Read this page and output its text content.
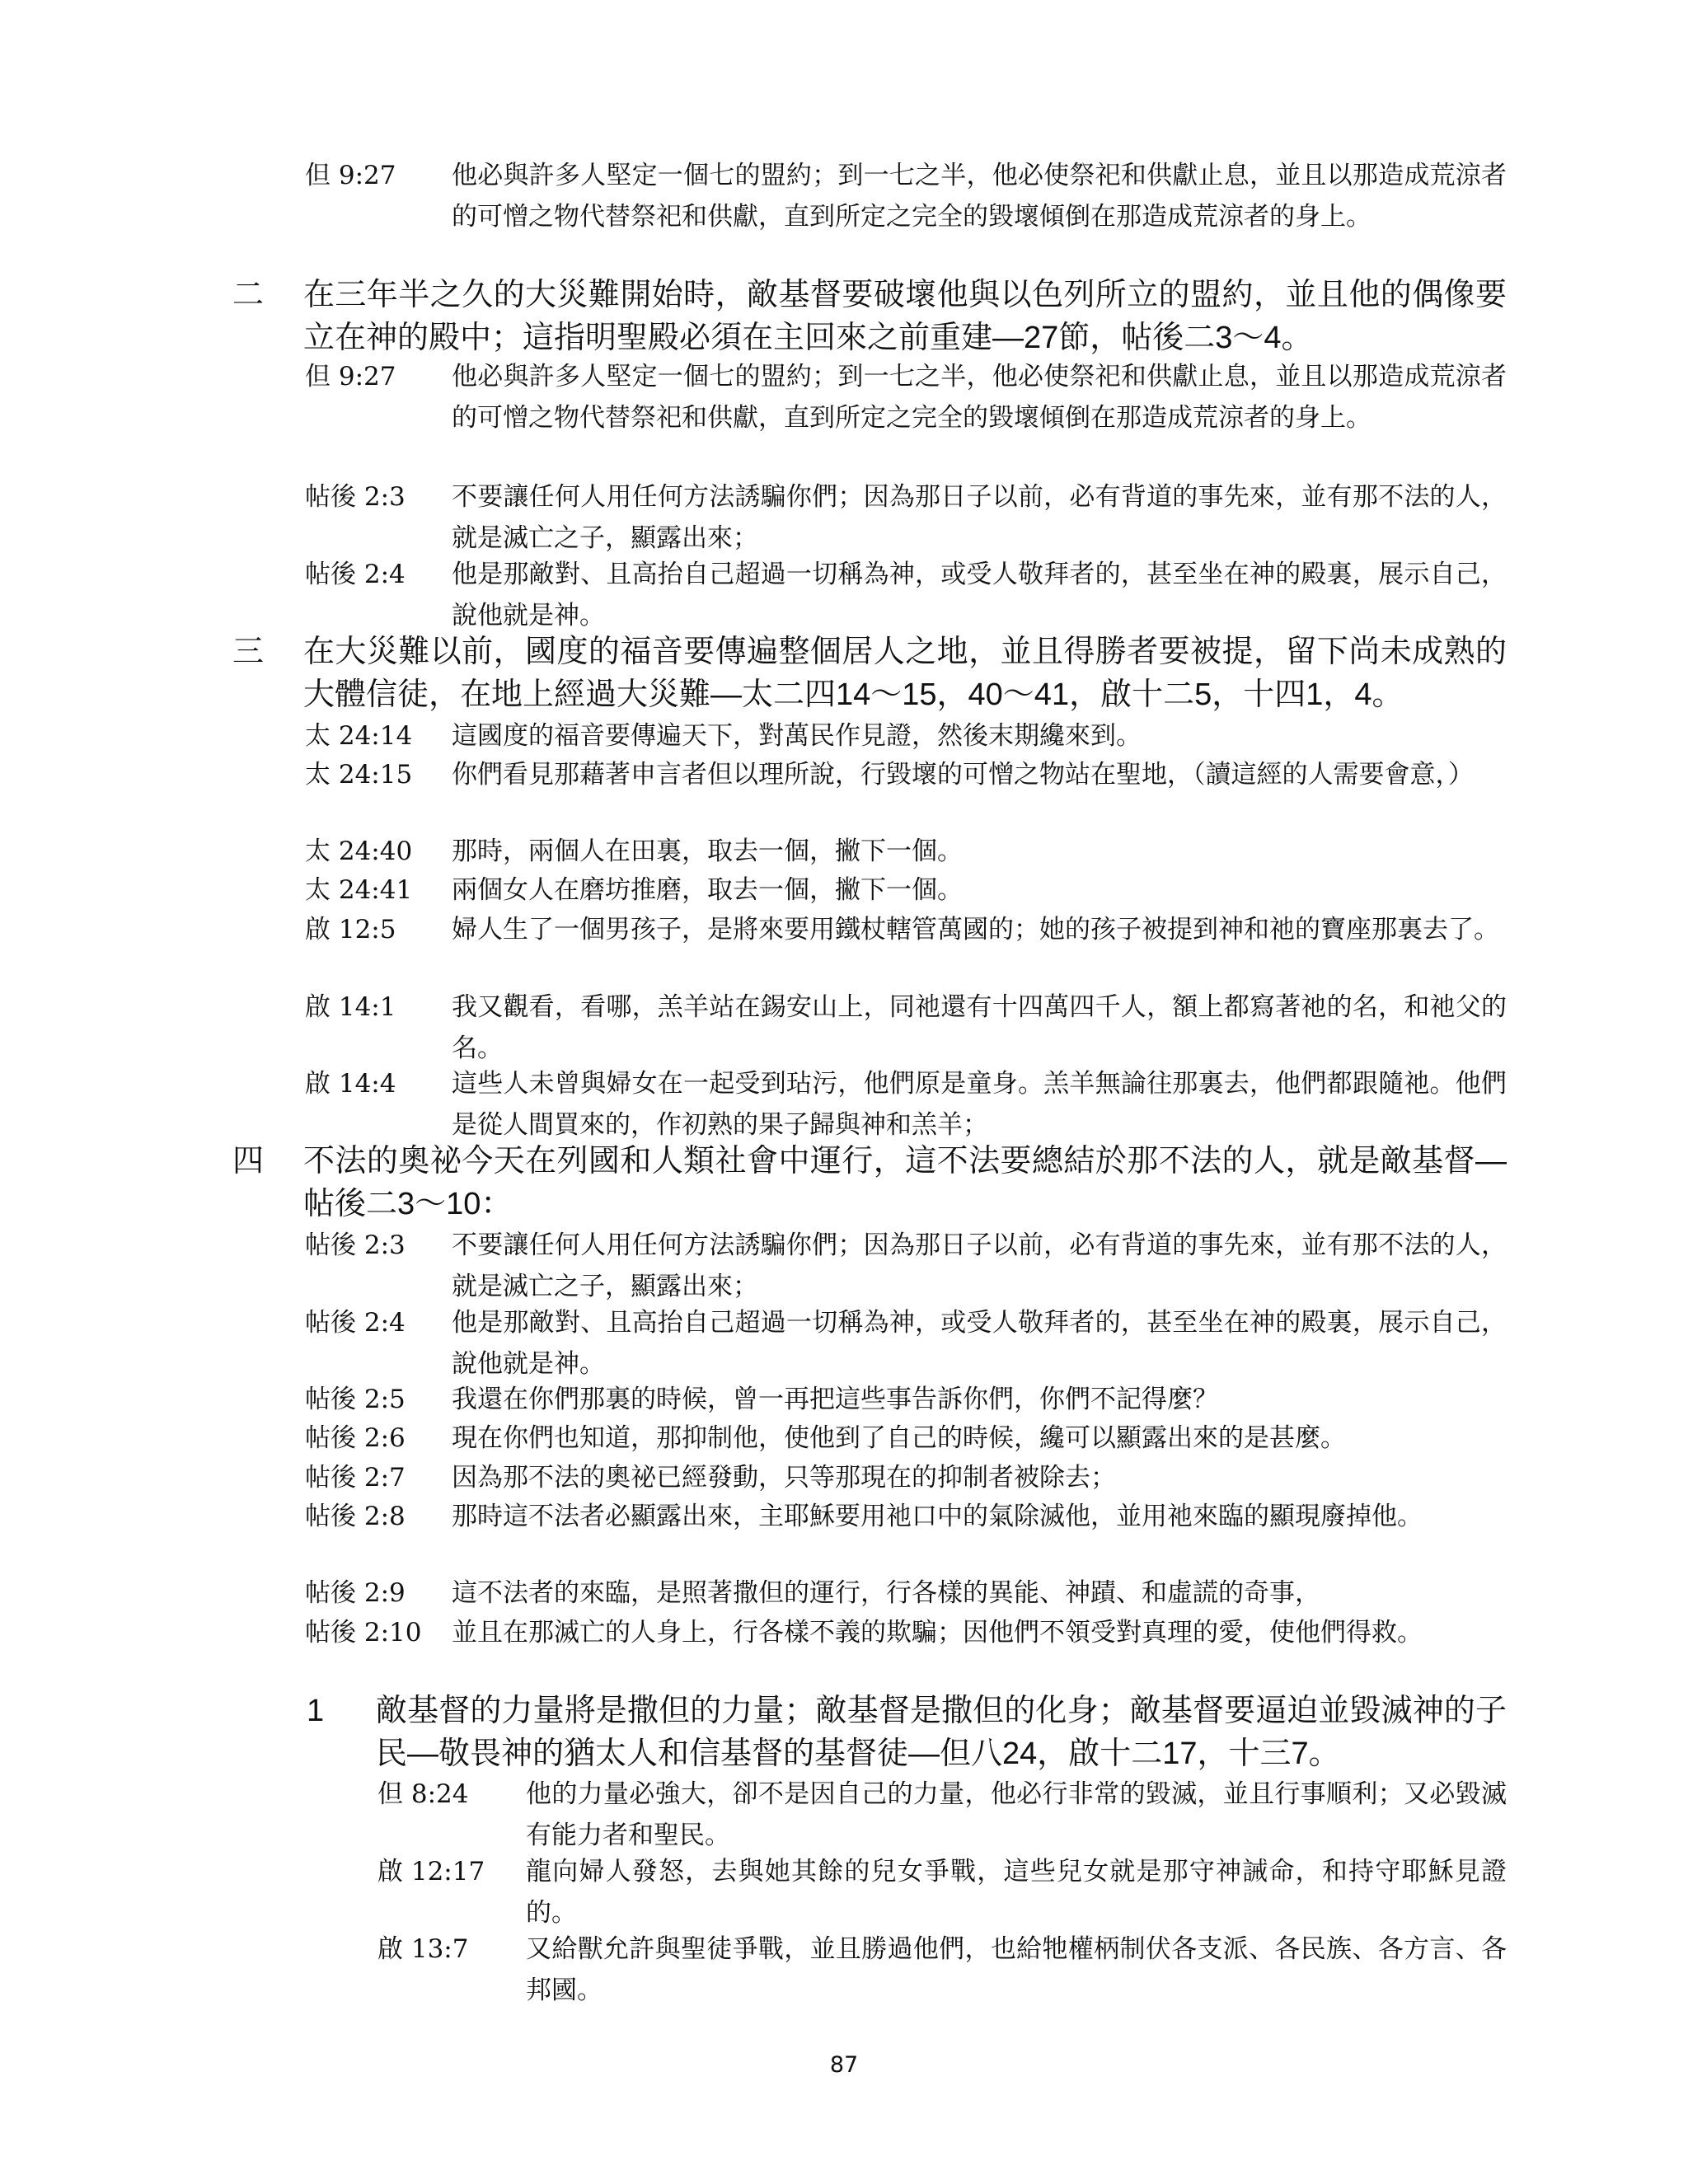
但 9:27 他必與許多人堅定一個七的盟約；到一七之半，他必使祭祀和供獻止息，並且以那造成荒涼者的可憎之物代替祭祀和供獻，直到所定之完全的毀壞傾倒在那造成荒涼者的身上。
二 在三年半之久的大災難開始時，敵基督要破壞他與以色列所立的盟約，並且他的偶像要立在神的殿中；這指明聖殿必須在主回來之前重建—27節，帖後二3～4。
但 9:27 他必與許多人堅定一個七的盟約；到一七之半，他必使祭祀和供獻止息，並且以那造成荒涼者的可憎之物代替祭祀和供獻，直到所定之完全的毀壞傾倒在那造成荒涼者的身上。
帖後 2:3 不要讓任何人用任何方法誘騙你們；因為那日子以前，必有背道的事先來，並有那不法的人，就是滅亡之子，顯露出來；
帖後 2:4 他是那敵對、且高抬自己超過一切稱為神，或受人敬拜者的，甚至坐在神的殿裏，展示自己，說他就是神。
三 在大災難以前，國度的福音要傳遍整個居人之地，並且得勝者要被提，留下尚未成熟的大體信徒，在地上經過大災難—太二四14～15，40～41，啟十二5，十四1，4。
太 24:14 這國度的福音要傳遍天下，對萬民作見證，然後末期纔來到。
太 24:15 你們看見那藉著申言者但以理所說，行毀壞的可憎之物站在聖地，（讀這經的人需要會意，）
太 24:40 那時，兩個人在田裏，取去一個，撇下一個。
太 24:41 兩個女人在磨坊推磨，取去一個，撇下一個。
啟 12:5 婦人生了一個男孩子，是將來要用鐵杖轄管萬國的；她的孩子被提到神和祂的寶座那裏去了。
啟 14:1 我又觀看，看哪，羔羊站在錫安山上，同祂還有十四萬四千人，額上都寫著祂的名，和祂父的名。
啟 14:4 這些人未曾與婦女在一起受到玷污，他們原是童身。羔羊無論往那裏去，他們都跟隨祂。他們是從人間買來的，作初熟的果子歸與神和羔羊；
四 不法的奧祕今天在列國和人類社會中運行，這不法要總結於那不法的人，就是敵基督—帖後二3～10：
帖後 2:3 不要讓任何人用任何方法誘騙你們；因為那日子以前，必有背道的事先來，並有那不法的人，就是滅亡之子，顯露出來；
帖後 2:4 他是那敵對、且高抬自己超過一切稱為神，或受人敬拜者的，甚至坐在神的殿裏，展示自己，說他就是神。
帖後 2:5 我還在你們那裏的時候，曾一再把這些事告訴你們，你們不記得麼？
帖後 2:6 現在你們也知道，那抑制他，使他到了自己的時候，纔可以顯露出來的是甚麼。
帖後 2:7 因為那不法的奧祕已經發動，只等那現在的抑制者被除去；
帖後 2:8 那時這不法者必顯露出來，主耶穌要用祂口中的氣除滅他，並用祂來臨的顯現廢掉他。
帖後 2:9 這不法者的來臨，是照著撒但的運行，行各樣的異能、神蹟、和虛謊的奇事，
帖後 2:10 並且在那滅亡的人身上，行各樣不義的欺騙；因他們不領受對真理的愛，使他們得救。
1 敵基督的力量將是撒但的力量；敵基督是撒但的化身；敵基督要逼迫並毀滅神的子民—敬畏神的猶太人和信基督的基督徒—但八24，啟十二17，十三7。
但 8:24 他的力量必強大，卻不是因自己的力量，他必行非常的毀滅，並且行事順利；又必毀滅有能力者和聖民。
啟 12:17 龍向婦人發怒，去與她其餘的兒女爭戰，這些兒女就是那守神誡命，和持守耶穌見證的。
啟 13:7 又給獸允許與聖徒爭戰，並且勝過他們，也給牠權柄制伏各支派、各民族、各方言、各邦國。
87
